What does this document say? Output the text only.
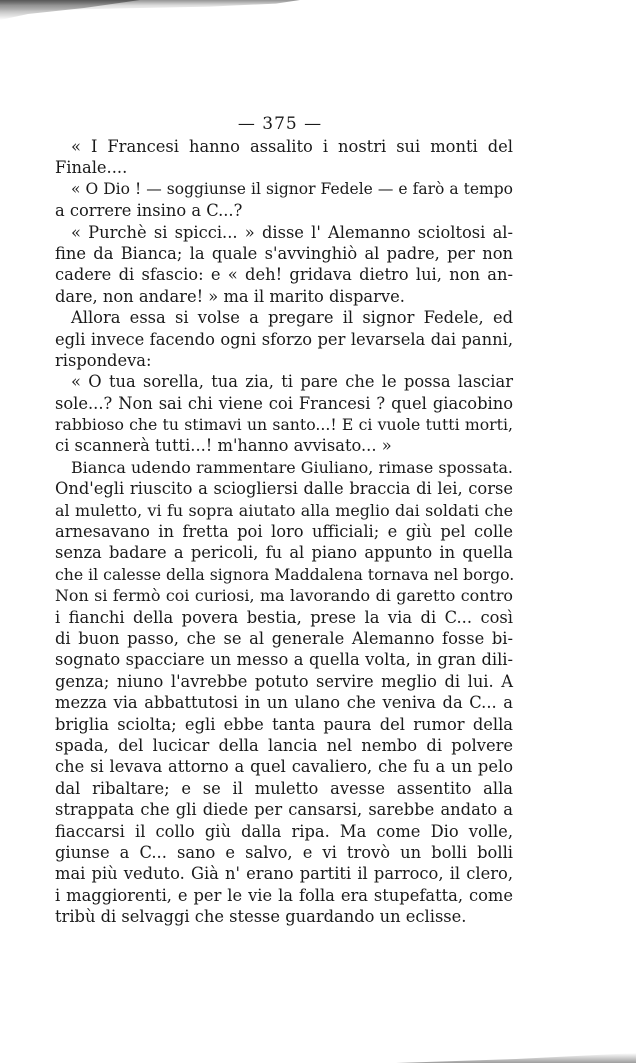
— 375 —
« I Francesi hanno assalito i nostri sui monti del
Finale....
« O Dio ! — soggiunse il signor Fedele — e farò a tempo
a correre insino a C...?
« Purchè si spicci... » disse l' Alemanno scioltosi al-
fine da Bianca; la quale s'avvinghiò al padre, per non
cadere di sfascio: e « deh! gridava dietro lui, non an-
dare, non andare! » ma il marito disparve.
Allora essa si volse a pregare il signor Fedele, ed
egli invece facendo ogni sforzo per levarsela dai panni,
rispondeva:
« O tua sorella, tua zia, ti pare che le possa lasciar
sole...? Non sai chi viene coi Francesi ? quel giacobino
rabbioso che tu stimavi un santo...! E ci vuole tutti morti,
ci scannerà tutti...! m'hanno avvisato... »
Bianca udendo rammentare Giuliano, rimase spossata.
Ond'egli riuscito a sciogliersi dalle braccia di lei, corse
al muletto, vi fu sopra aiutato alla meglio dai soldati che
arnesavano in fretta poi loro ufficiali; e giù pel colle
senza badare a pericoli, fu al piano appunto in quella
che il calesse della signora Maddalena tornava nel borgo.
Non si fermò coi curiosi, ma lavorando di garetto contro
i fianchi della povera bestia, prese la via di C... così
di buon passo, che se al generale Alemanno fosse bi-
sognato spacciare un messo a quella volta, in gran dili-
genza; niuno l'avrebbe potuto servire meglio di lui. A
mezza via abbattutosi in un ulano che veniva da C... a
briglia sciolta; egli ebbe tanta paura del rumor della
spada, del lucicar della lancia nel nembo di polvere
che si levava attorno a quel cavaliero, che fu a un pelo
dal ribaltare; e se il muletto avesse assentito alla
strappata che gli diede per cansarsi, sarebbe andato a
fiaccarsi il collo giù dalla ripa. Ma come Dio volle,
giunse a C... sano e salvo, e vi trovò un bolli bolli
mai più veduto. Già n' erano partiti il parroco, il clero,
i maggiorenti, e per le vie la folla era stupefatta, come
tribù di selvaggi che stesse guardando un eclisse.
